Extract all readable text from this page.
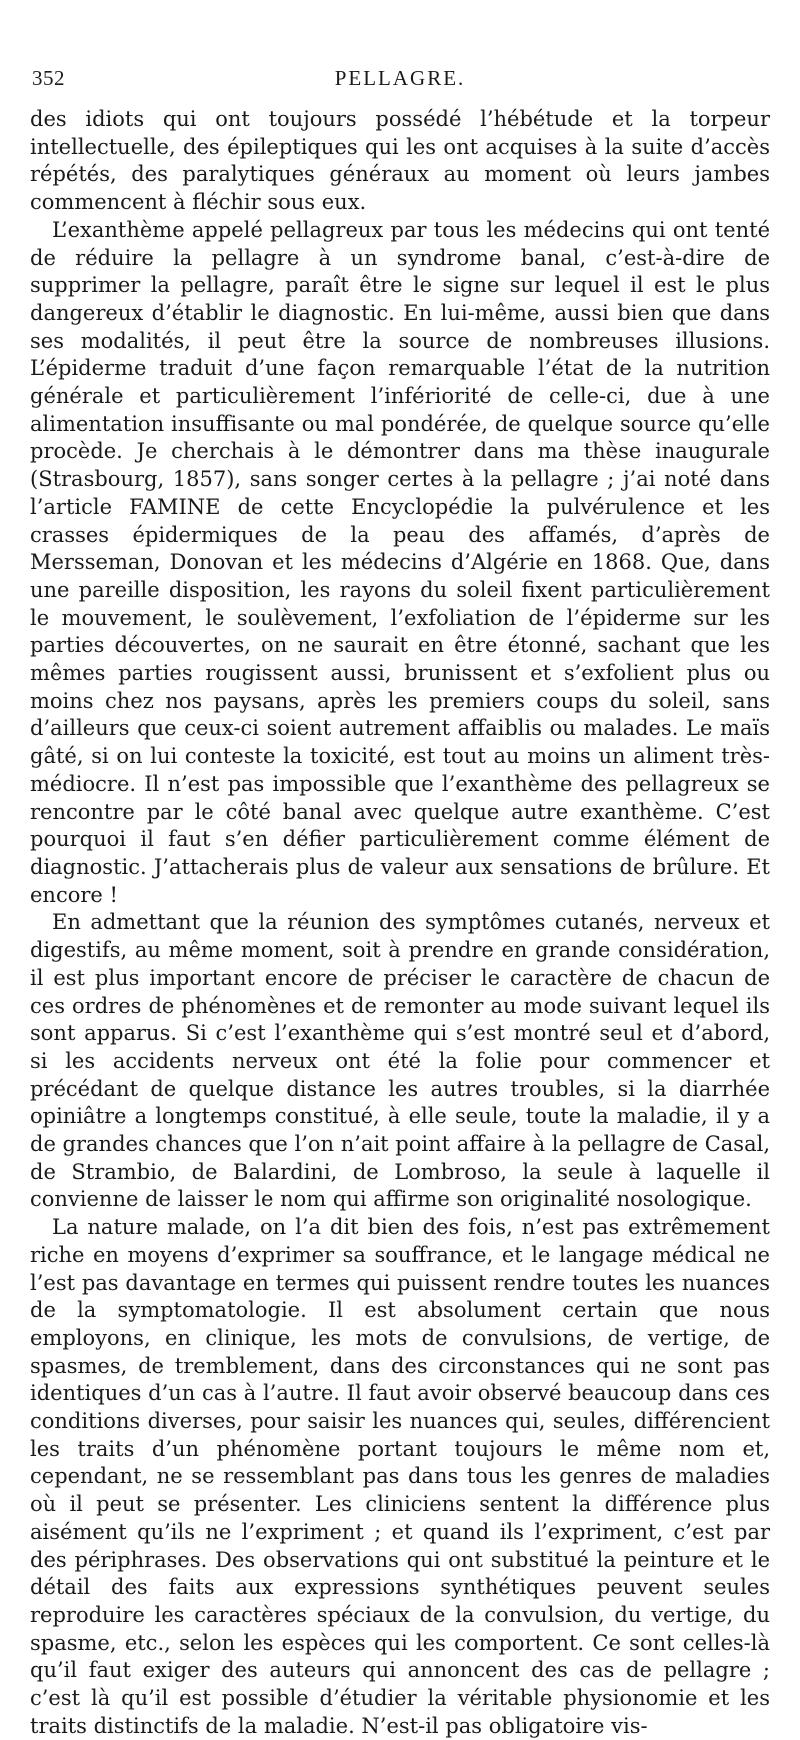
352	PELLAGRE.

des idiots qui ont toujours possédé l’hébétude et la torpeur intellectuelle, des épileptiques qui les ont acquises à la suite d’accès répétés, des paralytiques généraux au moment où leurs jambes commencent à fléchir sous eux.

L’exanthème appelé pellagreux par tous les médecins qui ont tenté de réduire la pellagre à un syndrome banal, c’est-à-dire de supprimer la pellagre, paraît être le signe sur lequel il est le plus dangereux d’établir le diagnostic. En lui-même, aussi bien que dans ses modalités, il peut être la source de nombreuses illusions. L’épiderme traduit d’une façon remarquable l’état de la nutrition générale et particulièrement l’infériorité de celle-ci, due à une alimentation insuffisante ou mal pondérée, de quelque source qu’elle procède. Je cherchais à le démontrer dans ma thèse inaugurale (Strasbourg, 1857), sans songer certes à la pellagre ; j’ai noté dans l’article FAMINE de cette Encyclopédie la pulvérulence et les crasses épidermiques de la peau des affamés, d’après de Mersseman, Donovan et les médecins d’Algérie en 1868. Que, dans une pareille disposition, les rayons du soleil fixent particulièrement le mouvement, le soulèvement, l’exfoliation de l’épiderme sur les parties découvertes, on ne saurait en être étonné, sachant que les mêmes parties rougissent aussi, brunissent et s’exfolient plus ou moins chez nos paysans, après les premiers coups du soleil, sans d’ailleurs que ceux-ci soient autrement affaiblis ou malades. Le maïs gâté, si on lui conteste la toxicité, est tout au moins un aliment très-médiocre. Il n’est pas impossible que l’exanthème des pellagreux se rencontre par le côté banal avec quelque autre exanthème. C’est pourquoi il faut s’en défier particulièrement comme élément de diagnostic. J’attacherais plus de valeur aux sensations de brûlure. Et encore !

En admettant que la réunion des symptômes cutanés, nerveux et digestifs, au même moment, soit à prendre en grande considération, il est plus important encore de préciser le caractère de chacun de ces ordres de phénomènes et de remonter au mode suivant lequel ils sont apparus. Si c’est l’exanthème qui s’est montré seul et d’abord, si les accidents nerveux ont été la folie pour commencer et précédant de quelque distance les autres troubles, si la diarrhée opiniâtre a longtemps constitué, à elle seule, toute la maladie, il y a de grandes chances que l’on n’ait point affaire à la pellagre de Casal, de Strambio, de Balardini, de Lombroso, la seule à laquelle il convienne de laisser le nom qui affirme son originalité nosologique.

La nature malade, on l’a dit bien des fois, n’est pas extrêmement riche en moyens d’exprimer sa souffrance, et le langage médical ne l’est pas davantage en termes qui puissent rendre toutes les nuances de la symptomatologie. Il est absolument certain que nous employons, en clinique, les mots de convulsions, de vertige, de spasmes, de tremblement, dans des circonstances qui ne sont pas identiques d’un cas à l’autre. Il faut avoir observé beaucoup dans ces conditions diverses, pour saisir les nuances qui, seules, différencient les traits d’un phénomène portant toujours le même nom et, cependant, ne se ressemblant pas dans tous les genres de maladies où il peut se présenter. Les cliniciens sentent la différence plus aisément qu’ils ne l’expriment ; et quand ils l’expriment, c’est par des périphrases. Des observations qui ont substitué la peinture et le détail des faits aux expressions synthétiques peuvent seules reproduire les caractères spéciaux de la convulsion, du vertige, du spasme, etc., selon les espèces qui les comportent. Ce sont celles-là qu’il faut exiger des auteurs qui annoncent des cas de pellagre ; c’est là qu’il est possible d’étudier la véritable physionomie et les traits distinctifs de la maladie. N’est-il pas obligatoire vis-
